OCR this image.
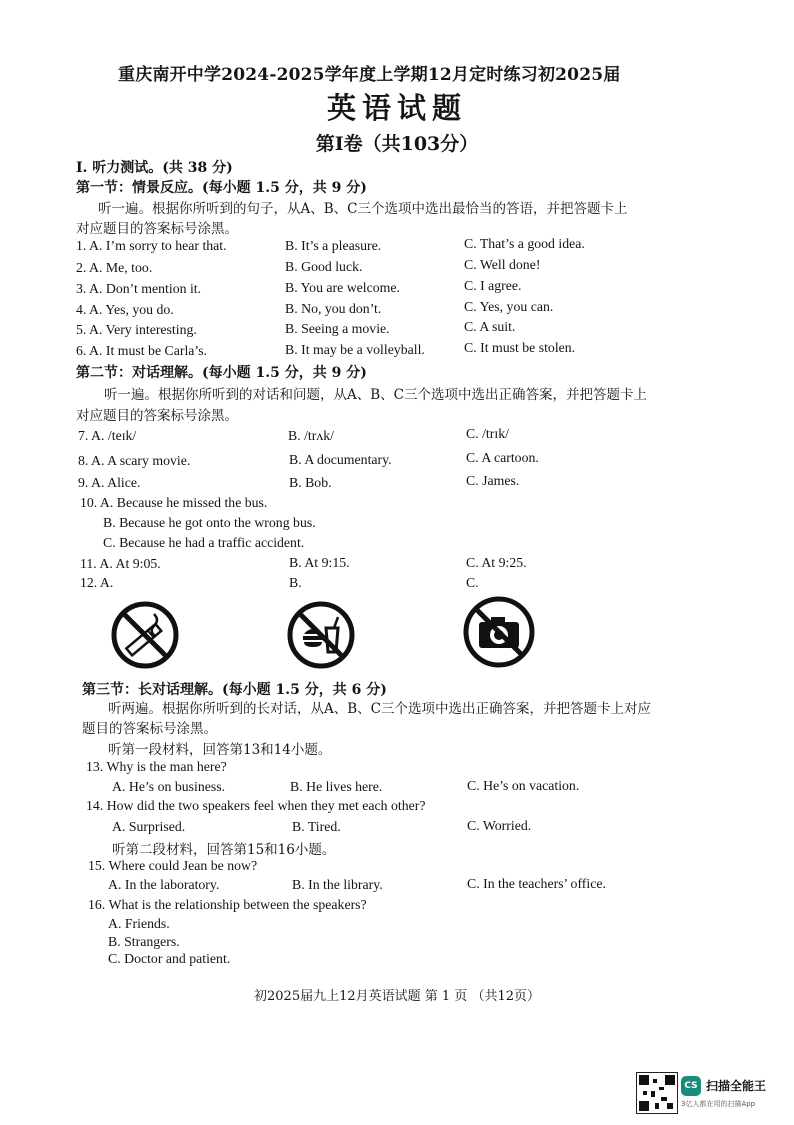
重庆南开中学2024-2025学年度上学期12月定时练习初2025届
英语试题
第I卷（共103分）
I. 听力测试。(共 38 分)
第一节：情景反应。(每小题 1.5 分，共 9 分)
听一遍。根据你所听到的句子，从A、B、C三个选项中选出最恰当的答语，并把答题卡上
对应题目的答案标号涂黑。
1. A. I’m sorry to hear that.	B. It’s a pleasure.	C. That’s a good idea.
2. A. Me, too.	B. Good luck.	C. Well done!
3. A. Don’t mention it.	B. You are welcome.	C. I agree.
4. A. Yes, you do.	B. No, you don’t.	C. Yes, you can.
5. A. Very interesting.	B. Seeing a movie.	C. A suit.
6. A. It must be Carla’s.	B. It may be a volleyball.	C. It must be stolen.
第二节：对话理解。(每小题 1.5 分，共 9 分)
听一遍。根据你所听到的对话和问题，从A、B、C三个选项中选出正确答案，并把答题卡上
对应题目的答案标号涂黑。
7. A. /teɪk/	B. /trʌk/	C. /trɪk/
8. A. A scary movie.	B. A documentary.	C. A cartoon.
9. A. Alice.	B. Bob.	C. James.
10. A. Because he missed the bus.
B. Because he got onto the wrong bus.
C. Because he had a traffic accident.
11. A. At 9:05.	B. At 9:15.	C. At 9:25.
12. A.	B.	C.
第三节：长对话理解。(每小题 1.5 分，共 6 分)
听两遍。根据你所听到的长对话，从A、B、C三个选项中选出正确答案，并把答题卡上对应
题目的答案标号涂黑。
听第一段材料，回答第13和14小题。
13. Why is the man here?
A. He’s on business.	B. He lives here.	C. He’s on vacation.
14. How did the two speakers feel when they met each other?
A. Surprised.	B. Tired.	C. Worried.
听第二段材料，回答第15和16小题。
15. Where could Jean be now?
A. In the laboratory.	B. In the library.	C. In the teachers’ office.
16. What is the relationship between the speakers?
A. Friends.
B. Strangers.
C. Doctor and patient.
初2025届九上12月英语试题 第 1 页 （共12页）
CS 扫描全能王
3亿人都在用的扫描App
